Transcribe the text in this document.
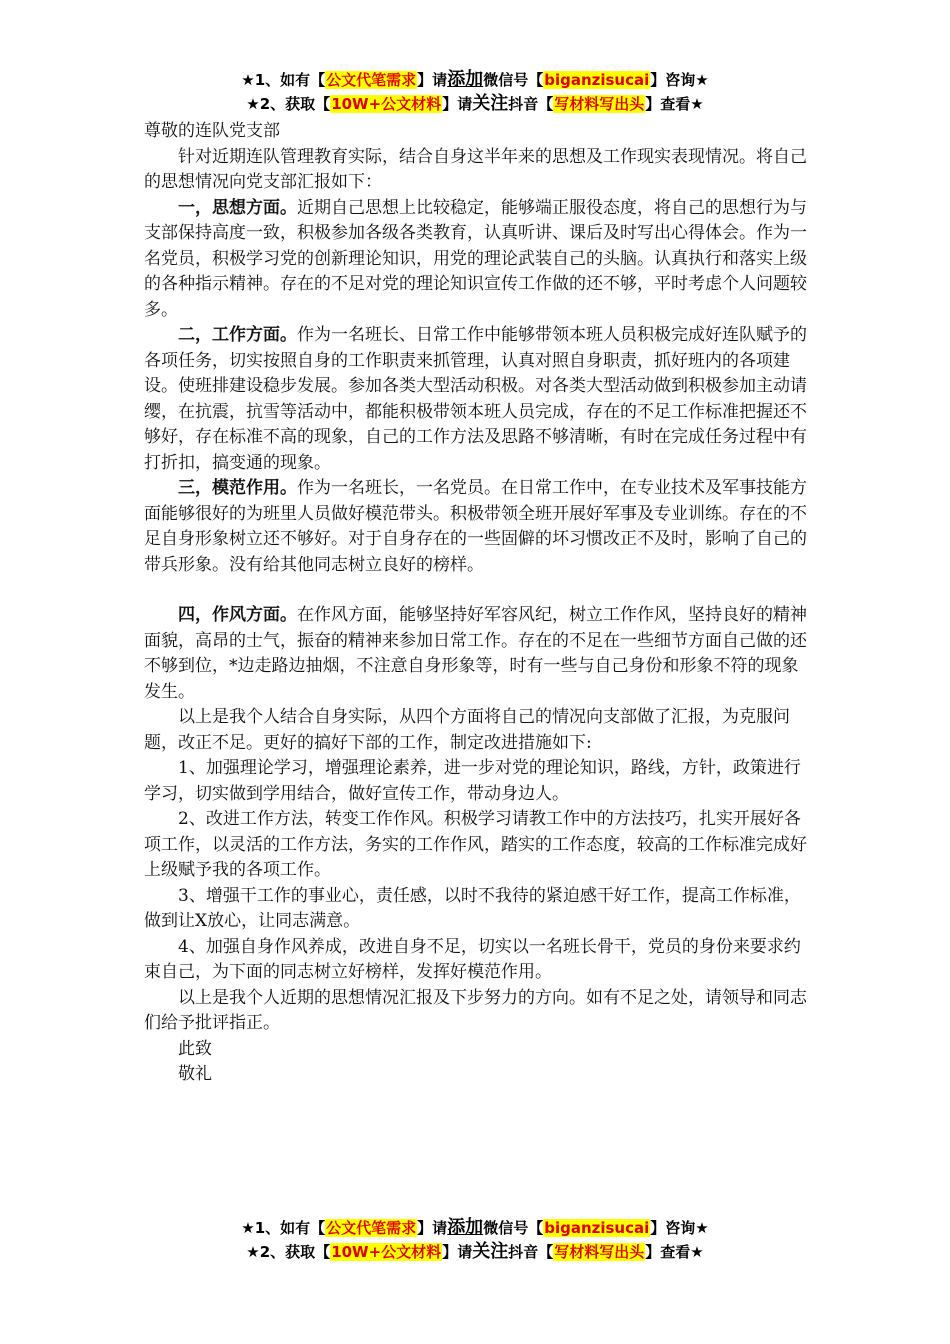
★1、如有【公文代笔需求】请添加微信号【biganzisucai】咨询★
★2、获取【10W+公文材料】请关注抖音【写材料写出头】查看★

尊敬的连队党支部

针对近期连队管理教育实际，结合自身这半年来的思想及工作现实表现情况。将自己的思想情况向党支部汇报如下：

一，思想方面。近期自己思想上比较稳定，能够端正服役态度，将自己的思想行为与支部保持高度一致，积极参加各级各类教育，认真听讲、课后及时写出心得体会。作为一名党员，积极学习党的创新理论知识，用党的理论武装自己的头脑。认真执行和落实上级的各种指示精神。存在的不足对党的理论知识宣传工作做的还不够，平时考虑个人问题较多。

二，工作方面。作为一名班长、日常工作中能够带领本班人员积极完成好连队赋予的各项任务，切实按照自身的工作职责来抓管理，认真对照自身职责，抓好班内的各项建设。使班排建设稳步发展。参加各类大型活动积极。对各类大型活动做到积极参加主动请缨，在抗震，抗雪等活动中，都能积极带领本班人员完成，存在的不足工作标准把握还不够好，存在标准不高的现象，自己的工作方法及思路不够清晰，有时在完成任务过程中有打折扣，搞变通的现象。

三，模范作用。作为一名班长，一名党员。在日常工作中，在专业技术及军事技能方面能够很好的为班里人员做好模范带头。积极带领全班开展好军事及专业训练。存在的不足自身形象树立还不够好。对于自身存在的一些固僻的坏习惯改正不及时，影响了自己的带兵形象。没有给其他同志树立良好的榜样。

四，作风方面。在作风方面，能够坚持好军容风纪，树立工作作风，坚持良好的精神面貌，高昂的士气，振奋的精神来参加日常工作。存在的不足在一些细节方面自己做的还不够到位，*边走路边抽烟，不注意自身形象等，时有一些与自己身份和形象不符的现象发生。

以上是我个人结合自身实际，从四个方面将自己的情况向支部做了汇报，为克服问题，改正不足。更好的搞好下部的工作，制定改进措施如下:

1、加强理论学习，增强理论素养，进一步对党的理论知识，路线，方针，政策进行学习，切实做到学用结合，做好宣传工作，带动身边人。

2、改进工作方法，转变工作作风。积极学习请教工作中的方法技巧，扎实开展好各项工作，以灵活的工作方法，务实的工作作风，踏实的工作态度，较高的工作标准完成好上级赋予我的各项工作。

3、增强干工作的事业心，责任感，以时不我待的紧迫感干好工作，提高工作标准，做到让X放心，让同志满意。

4、加强自身作风养成，改进自身不足，切实以一名班长骨干，党员的身份来要求约束自己，为下面的同志树立好榜样，发挥好模范作用。

以上是我个人近期的思想情况汇报及下步努力的方向。如有不足之处，请领导和同志们给予批评指正。

此致

敬礼

★1、如有【公文代笔需求】请添加微信号【biganzisucai】咨询★
★2、获取【10W+公文材料】请关注抖音【写材料写出头】查看★
